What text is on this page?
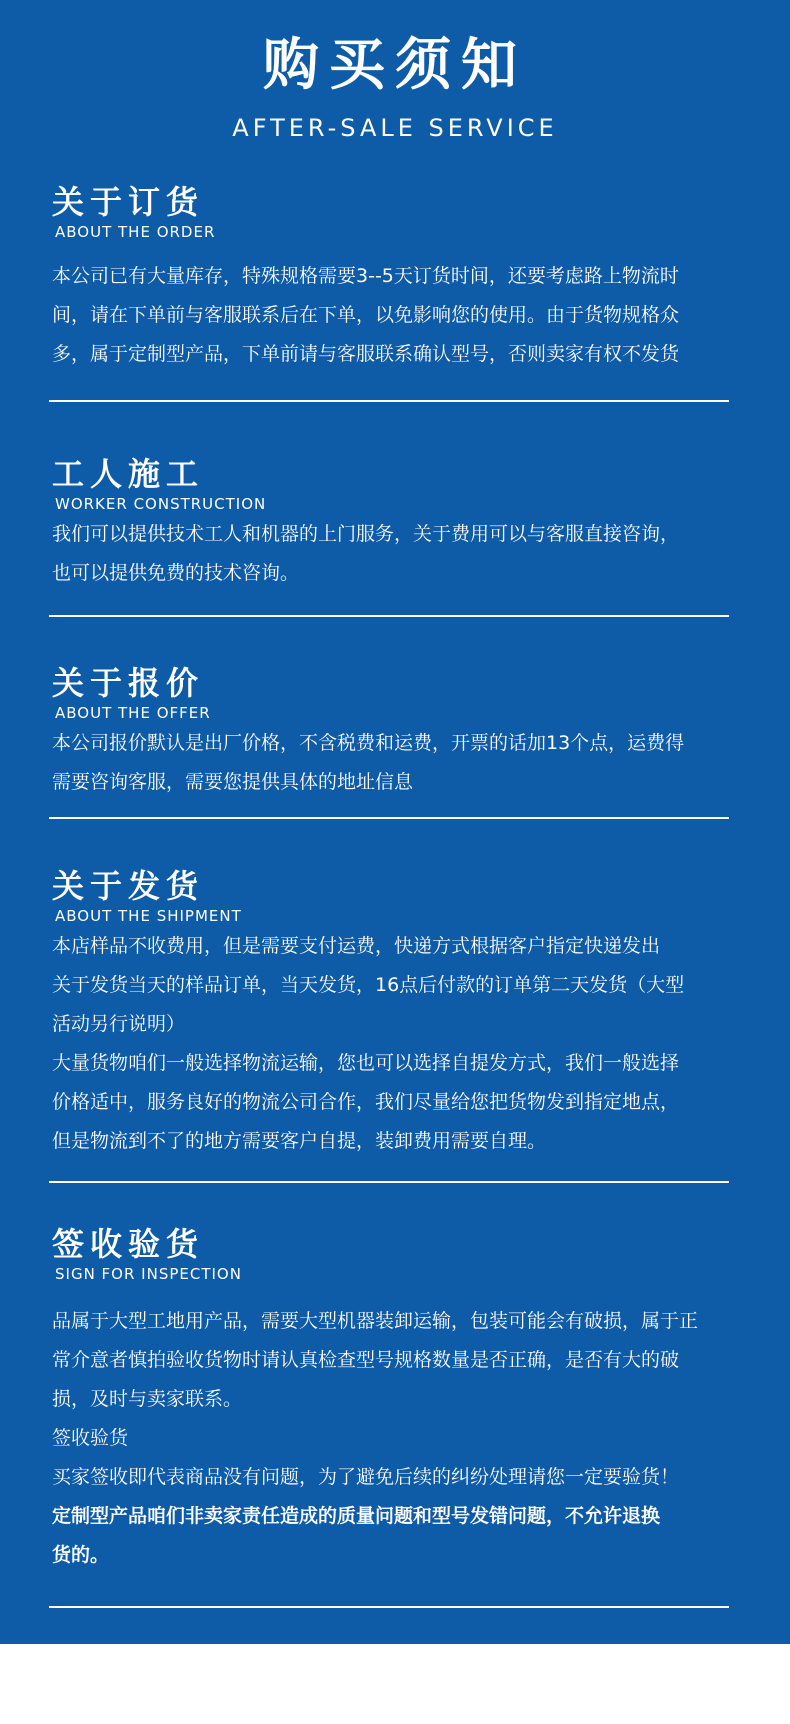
购买须知
AFTER-SALE SERVICE
关于订货
ABOUT THE ORDER
本公司已有大量库存，特殊规格需要3--5天订货时间，还要考虑路上物流时
间，请在下单前与客服联系后在下单，以免影响您的使用。由于货物规格众
多，属于定制型产品，下单前请与客服联系确认型号，否则卖家有权不发货
工人施工
WORKER CONSTRUCTION
我们可以提供技术工人和机器的上门服务，关于费用可以与客服直接咨询，
也可以提供免费的技术咨询。
关于报价
ABOUT THE OFFER
本公司报价默认是出厂价格，不含税费和运费，开票的话加13个点，运费得
需要咨询客服，需要您提供具体的地址信息
关于发货
ABOUT THE SHIPMENT
本店样品不收费用，但是需要支付运费，快递方式根据客户指定快递发出
关于发货当天的样品订单，当天发货，16点后付款的订单第二天发货（大型
活动另行说明）
大量货物咱们一般选择物流运输，您也可以选择自提发方式，我们一般选择
价格适中，服务良好的物流公司合作，我们尽量给您把货物发到指定地点，
但是物流到不了的地方需要客户自提，装卸费用需要自理。
签收验货
SIGN FOR INSPECTION
品属于大型工地用产品，需要大型机器装卸运输，包装可能会有破损，属于正
常介意者慎拍验收货物时请认真检查型号规格数量是否正确，是否有大的破
损，及时与卖家联系。
签收验货
买家签收即代表商品没有问题，为了避免后续的纠纷处理请您一定要验货！
定制型产品咱们非卖家责任造成的质量问题和型号发错问题，不允许退换
货的。
